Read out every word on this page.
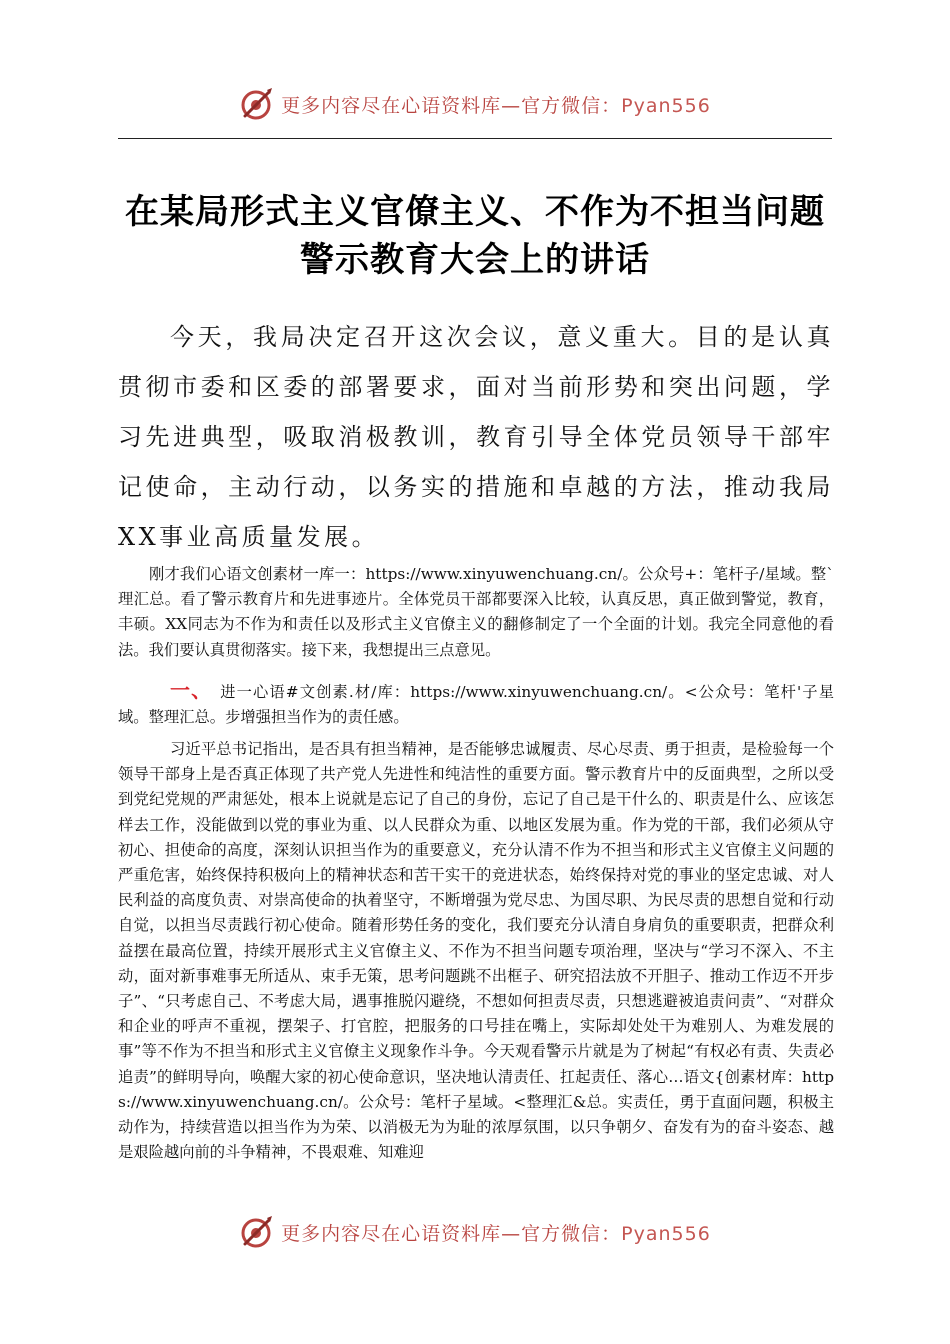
更多内容尽在心语资料库—官方微信：Pyan556
在某局形式主义官僚主义、不作为不担当问题
警示教育大会上的讲话

今天，我局决定召开这次会议，意义重大。目的是认真贯彻市委和区委的部署要求，面对当前形势和突出问题，学习先进典型，吸取消极教训，教育引导全体党员领导干部牢记使命，主动行动，以务实的措施和卓越的方法，推动我局XX事业高质量发展。

刚才我们心语文创素材一库一：https://www.xinyuwenchuang.cn/。公众号+：笔杆子/星域。整`理汇总。看了警示教育片和先进事迹片。全体党员干部都要深入比较，认真反思，真正做到警觉，教育，丰硕。XX同志为不作为和责任以及形式主义官僚主义的翻修制定了一个全面的计划。我完全同意他的看法。我们要认真贯彻落实。接下来，我想提出三点意见。

一、 进一心语#文创素.材/库：https://www.xinyuwenchuang.cn/。<公众号：笔杆'子星域。整理汇总。步增强担当作为的责任感。

习近平总书记指出，是否具有担当精神，是否能够忠诚履责、尽心尽责、勇于担责，是检验每一个领导干部身上是否真正体现了共产党人先进性和纯洁性的重要方面。警示教育片中的反面典型，之所以受到党纪党规的严肃惩处，根本上说就是忘记了自己的身份，忘记了自己是干什么的、职责是什么、应该怎样去工作，没能做到以党的事业为重、以人民群众为重、以地区发展为重。作为党的干部，我们必须从守初心、担使命的高度，深刻认识担当作为的重要意义，充分认清不作为不担当和形式主义官僚主义问题的严重危害，始终保持积极向上的精神状态和苦干实干的竞进状态，始终保持对党的事业的坚定忠诚、对人民利益的高度负责、对崇高使命的执着坚守，不断增强为党尽忠、为国尽职、为民尽责的思想自觉和行动自觉，以担当尽责践行初心使命。随着形势任务的变化，我们要充分认清自身肩负的重要职责，把群众利益摆在最高位置，持续开展形式主义官僚主义、不作为不担当问题专项治理，坚决与“学习不深入、不主动，面对新事难事无所适从、束手无策，思考问题跳不出框子、研究招法放不开胆子、推动工作迈不开步子”、“只考虑自己、不考虑大局，遇事推脱闪避绕，不想如何担责尽责，只想逃避被追责问责”、“对群众和企业的呼声不重视，摆架子、打官腔，把服务的口号挂在嘴上，实际却处处干为难别人、为难发展的事”等不作为不担当和形式主义官僚主义现象作斗争。今天观看警示片就是为了树起“有权必有责、失责必追责”的鲜明导向，唤醒大家的初心使命意识，坚决地认清责任、扛起责任、落心…语文{创素材库：https://www.xinyuwenchuang.cn/。公众号：笔杆子星域。<整理汇&总。实责任，勇于直面问题，积极主动作为，持续营造以担当作为为荣、以消极无为为耻的浓厚氛围，以只争朝夕、奋发有为的奋斗姿态、越是艰险越向前的斗争精神，不畏艰难、知难迎

更多内容尽在心语资料库—官方微信：Pyan556
